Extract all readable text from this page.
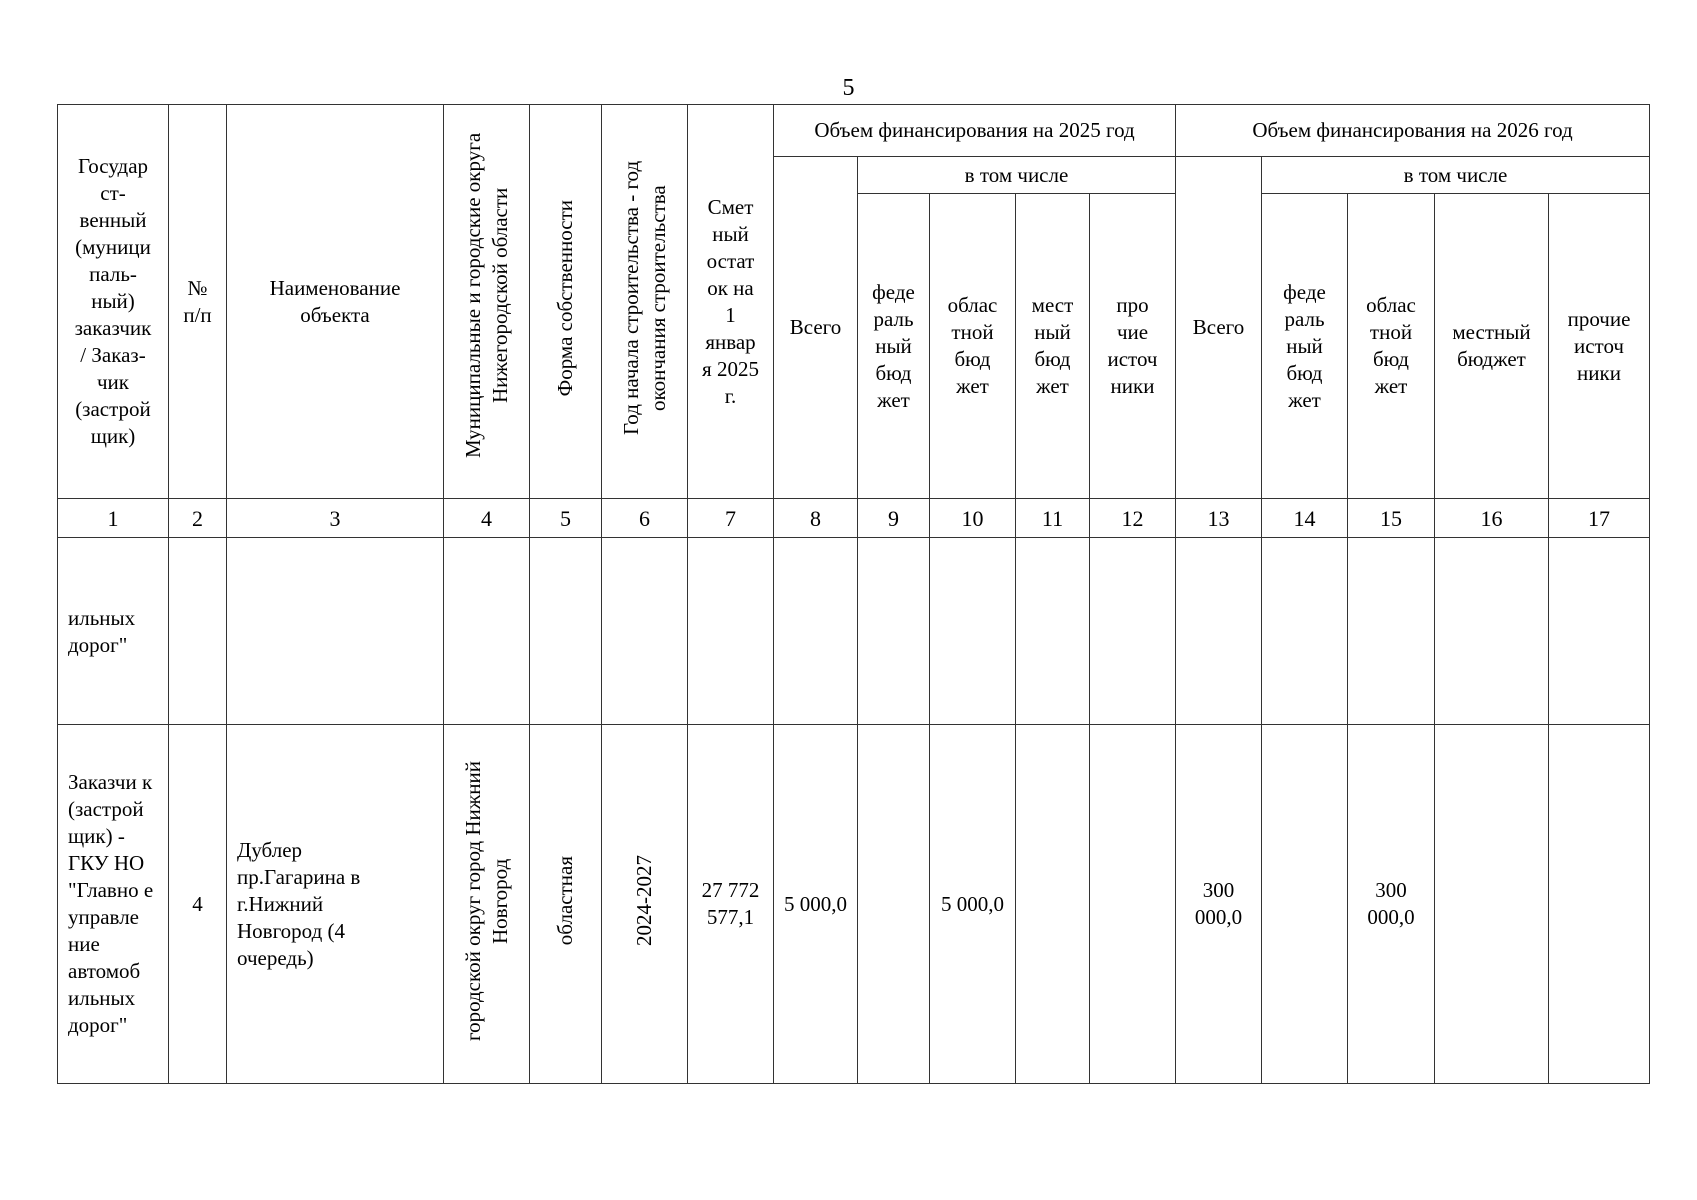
5
Государ ст-венный (муници паль-ный) заказчик / Заказ-чик (застрой щик)	№ п/п	Наименование объекта	Муниципальные и городские округа Нижегородской области	Форма собственности	Год начала строительства - год окончания строительства	Смет ный остат ок на 1 января 2025 г.	Объем финансирования на 2025 год					Объем финансирования на 2026 год				
							Всего	в том числе				Всего	в том числе			

								феде раль ный бюд жет	облас тной бюд жет	мест ный бюд жет	про чие источ ники		феде раль ный бюд жет	облас тной бюд жет	местный бюджет	прочие источ ники

1	2	3	4	5	6	7	8	9	10	11	12	13	14	15	16	17

ильных дорог"																

Заказчи к (застрой щик) - ГКУ НО "Главно е управле ние автомоб ильных дорог"	4	Дублер пр.Гагарина в г.Нижний Новгород (4 очередь)	городской округ город Нижний Новгород	областная	2024-2027	27 772 577,1	5 000,0		5 000,0			300 000,0		300 000,0		
